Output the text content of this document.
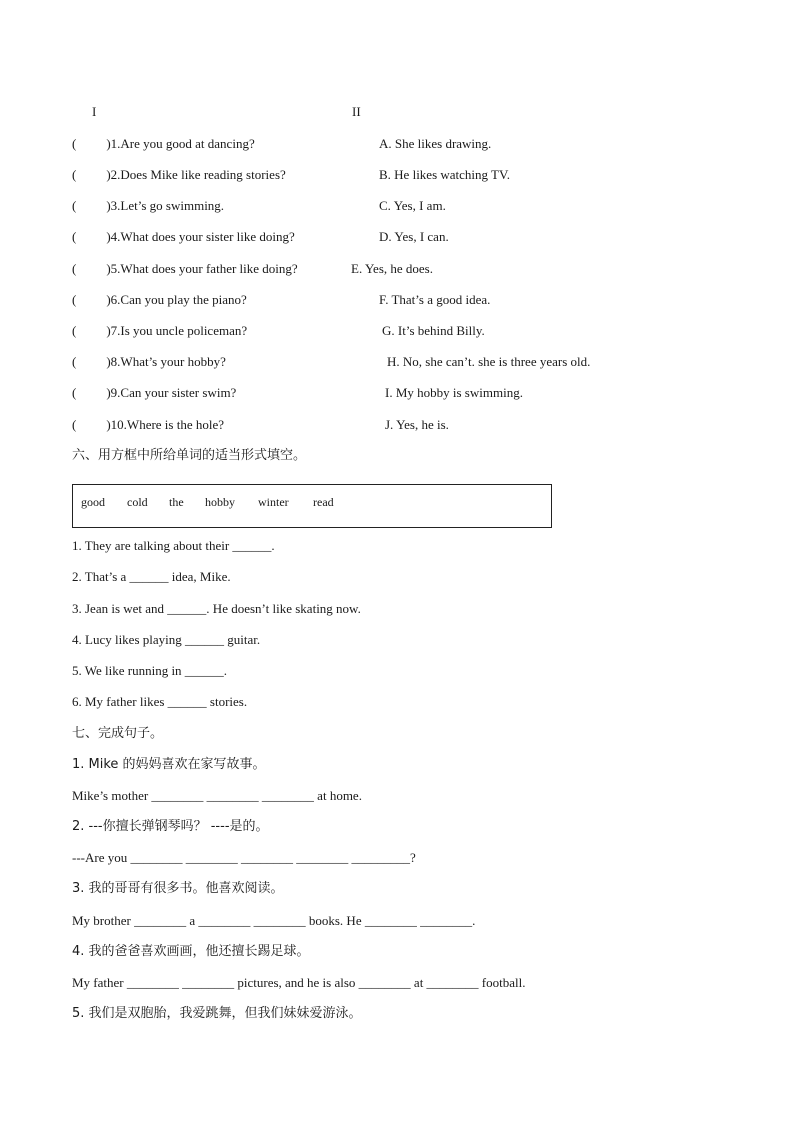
I	II
( )1.Are you good at dancing?	A. She likes drawing.
( )2.Does Mike like reading stories?	B. He likes watching TV.
( )3.Let’s go swimming.	C. Yes, I am.
( )4.What does your sister like doing?	D. Yes, I can.
( )5.What does your father like doing?	E. Yes, he does.
( )6.Can you play the piano?	F. That’s a good idea.
( )7.Is you uncle policeman?	G. It’s behind Billy.
( )8.What’s your hobby?	H. No, she can’t. she is three years old.
( )9.Can your sister swim?	I. My hobby is swimming.
( )10.Where is the hole?	J. Yes, he is.
六、用方框中所给单词的适当形式填空。
good cold the hobby winter read
1. They are talking about their ______.
2. That’s a ______ idea, Mike.
3. Jean is wet and ______. He doesn’t like skating now.
4. Lucy likes playing ______ guitar.
5. We like running in ______.
6. My father likes ______ stories.
七、完成句子。
1. Mike 的妈妈喜欢在家写故事。
Mike’s mother ________ ________ ________ at home.
2. ---你擅长弹钢琴吗？ ----是的。
---Are you ________ ________ ________ ________ _________?
3. 我的哥哥有很多书。他喜欢阅读。
My brother ________ a ________ ________ books. He ________ ________.
4. 我的爸爸喜欢画画，他还擅长踢足球。
My father ________ ________ pictures, and he is also ________ at ________ football.
5. 我们是双胞胎，我爱跳舞，但我们妹妹爱游泳。
